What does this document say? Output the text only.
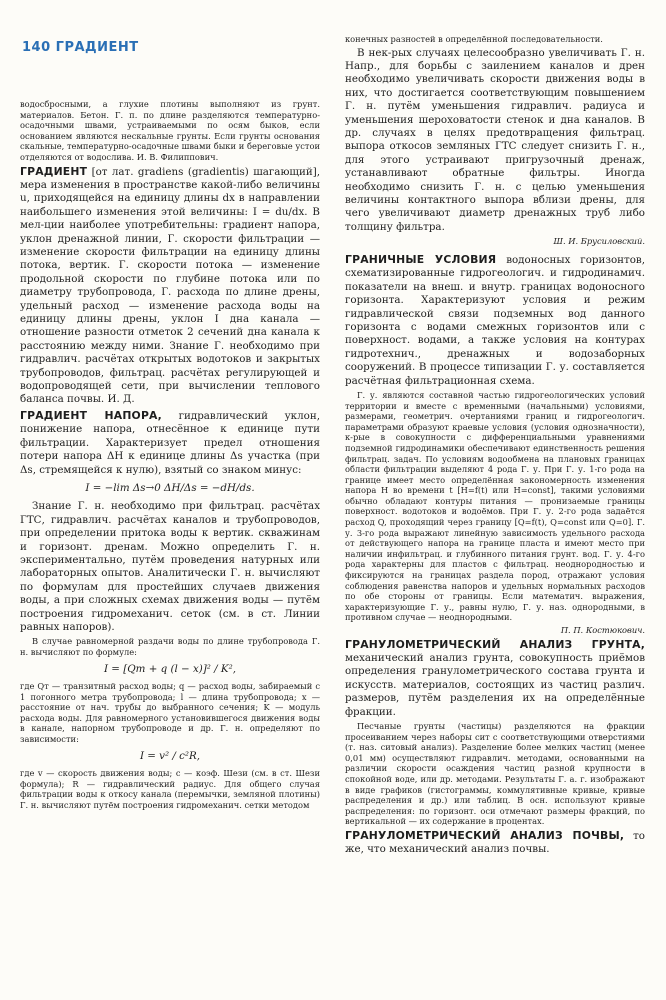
140 ГРАДИЕНТ

водосбросными, а глухие плотины выполняют из грунт. материалов. Бетон. Г. п. по длине разделяются температурно-осадочными швами, устраиваемыми по осям быков, если основанием являются нескальные грунты. Если грунты основания скальные, температурно-осадочные швами быки и береговые устои отделяются от водослива. И. В. Филиппович.

ГРАДИЕНТ [от лат. gradiens (gradientis) шагающий], мера изменения в пространстве какой-либо величины u, приходящейся на единицу длины dx в направлении наибольшего изменения этой величины: I = du/dx. В мел-ции наиболее употребительны: градиент напора, уклон дренажной линии, Г. скорости фильтрации — изменение скорости фильтрации на единицу длины потока, вертик. Г. скорости потока — изменение продольной скорости по глубине потока или по диаметру трубопровода, Г. расхода по длине дрены, удельный расход — изменение расхода воды на единицу длины дрены, уклон I дна канала — отношение разности отметок 2 сечений дна канала к расстоянию между ними. Знание Г. необходимо при гидравлич. расчётах открытых водотоков и закрытых трубопроводов, фильтрац. расчётах регулирующей и водопроводящей сети, при вычислении теплового баланса почвы. И. Д.

ГРАДИЕНТ НАПОРА, гидравлический уклон, понижение напора, отнесённое к единице пути фильтрации. Характеризует предел отношения потери напора ΔH к единице длины Δs участка (при Δs, стремящейся к нулю), взятый со знаком минус:

I = −lim Δs→0 ΔH/Δs = −dH/ds.

Знание Г. н. необходимо при фильтрац. расчётах ГТС, гидравлич. расчётах каналов и трубопроводов, при определении притока воды к вертик. скважинам и горизонт. дренам. Можно определить Г. н. экспериментально, путём проведения натурных или лабораторных опытов. Аналитически Г. н. вычисляют по формулам для простейших случаев движения воды, а при сложных схемах движения воды — путём построения гидромеханич. сеток (см. в ст. Линии равных напоров).

В случае равномерной раздачи воды по длине трубопровода Г. н. вычисляют по формуле:

I = [Qт + q (l − x)]² / K²,

где Qт — транзитный расход воды; q — расход воды, забираемый с 1 погонного метра трубопровода; l — длина трубопровода; x — расстояние от нач. трубы до выбранного сечения; K — модуль расхода воды. Для равномерного установившегося движения воды в канале, напорном трубопроводе и др. Г. н. определяют по зависимости:

I = v² / c²R,

где v — скорость движения воды; c — коэф. Шези (см. в ст. Шези формула); R — гидравлический радиус. Для общего случая фильтрации воды к откосу канала (перемычки, земляной плотины) Г. н. вычисляют путём построения гидромеханич. сетки методом

конечных разностей в определённой последовательности.

В нек-рых случаях целесообразно увеличивать Г. н. Напр., для борьбы с заилением каналов и дрен необходимо увеличивать скорости движения воды в них, что достигается соответствующим повышением Г. н. путём уменьшения гидравлич. радиуса и уменьшения шероховатости стенок и дна каналов. В др. случаях в целях предотвращения фильтрац. выпора откосов земляных ГТС следует снизить Г. н., для этого устраивают пригрузочный дренаж, устанавливают обратные фильтры. Иногда необходимо снизить Г. н. с целью уменьшения величины контактного выпора вблизи дрены, для чего увеличивают диаметр дренажных труб либо толщину фильтра.

Ш. И. Брусиловский.

ГРАНИЧНЫЕ УСЛОВИЯ водоносных горизонтов, схематизированные гидрогеологич. и гидродинамич. показатели на внеш. и внутр. границах водоносного горизонта. Характеризуют условия и режим гидравлической связи подземных вод данного горизонта с водами смежных горизонтов или с поверхност. водами, а также условия на контурах гидротехнич., дренажных и водозаборных сооружений. В процессе типизации Г. у. составляется расчётная фильтрационная схема.

Г. у. являются составной частью гидрогеологических условий территории и вместе с временными (начальными) условиями, размерами, геометрич. очертаниями границ и гидрогеологич. параметрами образуют краевые условия (условия однозначности), к-рые в совокупности с дифференциальными уравнениями подземной гидродинамики обеспечивают единственность решения фильтрац. задач. По условиям водообмена на плановых границах области фильтрации выделяют 4 рода Г. у. При Г. у. 1-го рода на границе имеет место определённая закономерность изменения напора H во времени t [H=f(t) или H=const], такими условиями обычно обладают контуры питания — пронизаемые границы поверхност. водотоков и водоёмов. При Г. у. 2-го рода задаётся расход Q, проходящий через границу [Q=f(t), Q=const или Q=0]. Г. у. 3-го рода выражают линейную зависимость удельного расхода от действующего напора на границе пласта и имеют место при наличии инфильтрац. и глубинного питания грунт. вод. Г. у. 4-го рода характерны для пластов с фильтрац. неоднородностью и фиксируются на границах раздела пород, отражают условия соблюдения равенства напоров и удельных нормальных расходов по обе стороны от границы. Если математич. выражения, характеризующие Г. у., равны нулю, Г. у. наз. однородными, в противном случае — неоднородными.

П. П. Костюкович.

ГРАНУЛОМЕТРИЧЕСКИЙ АНАЛИЗ ГРУНТА, механический анализ грунта, совокупность приёмов определения гранулометрического состава грунта и искусств. материалов, состоящих из частиц различ. размеров, путём разделения их на определённые фракции.

Песчаные грунты (частицы) разделяются на фракции просеиванием через наборы сит с соответствующими отверстиями (т. наз. ситовый анализ). Разделение более мелких частиц (менее 0,01 мм) осуществляют гидравлич. методами, основанными на различии скорости осаждения частиц разной крупности в спокойной воде, или др. методами. Результаты Г. а. г. изображают в виде графиков (гистограммы, коммулятивные кривые, кривые распределения и др.) или таблиц. В осн. используют кривые распределения: по горизонт. оси отмечают размеры фракций, по вертикальной — их содержание в процентах.

ГРАНУЛОМЕТРИЧЕСКИЙ АНАЛИЗ ПОЧВЫ, то же, что механический анализ почвы.
